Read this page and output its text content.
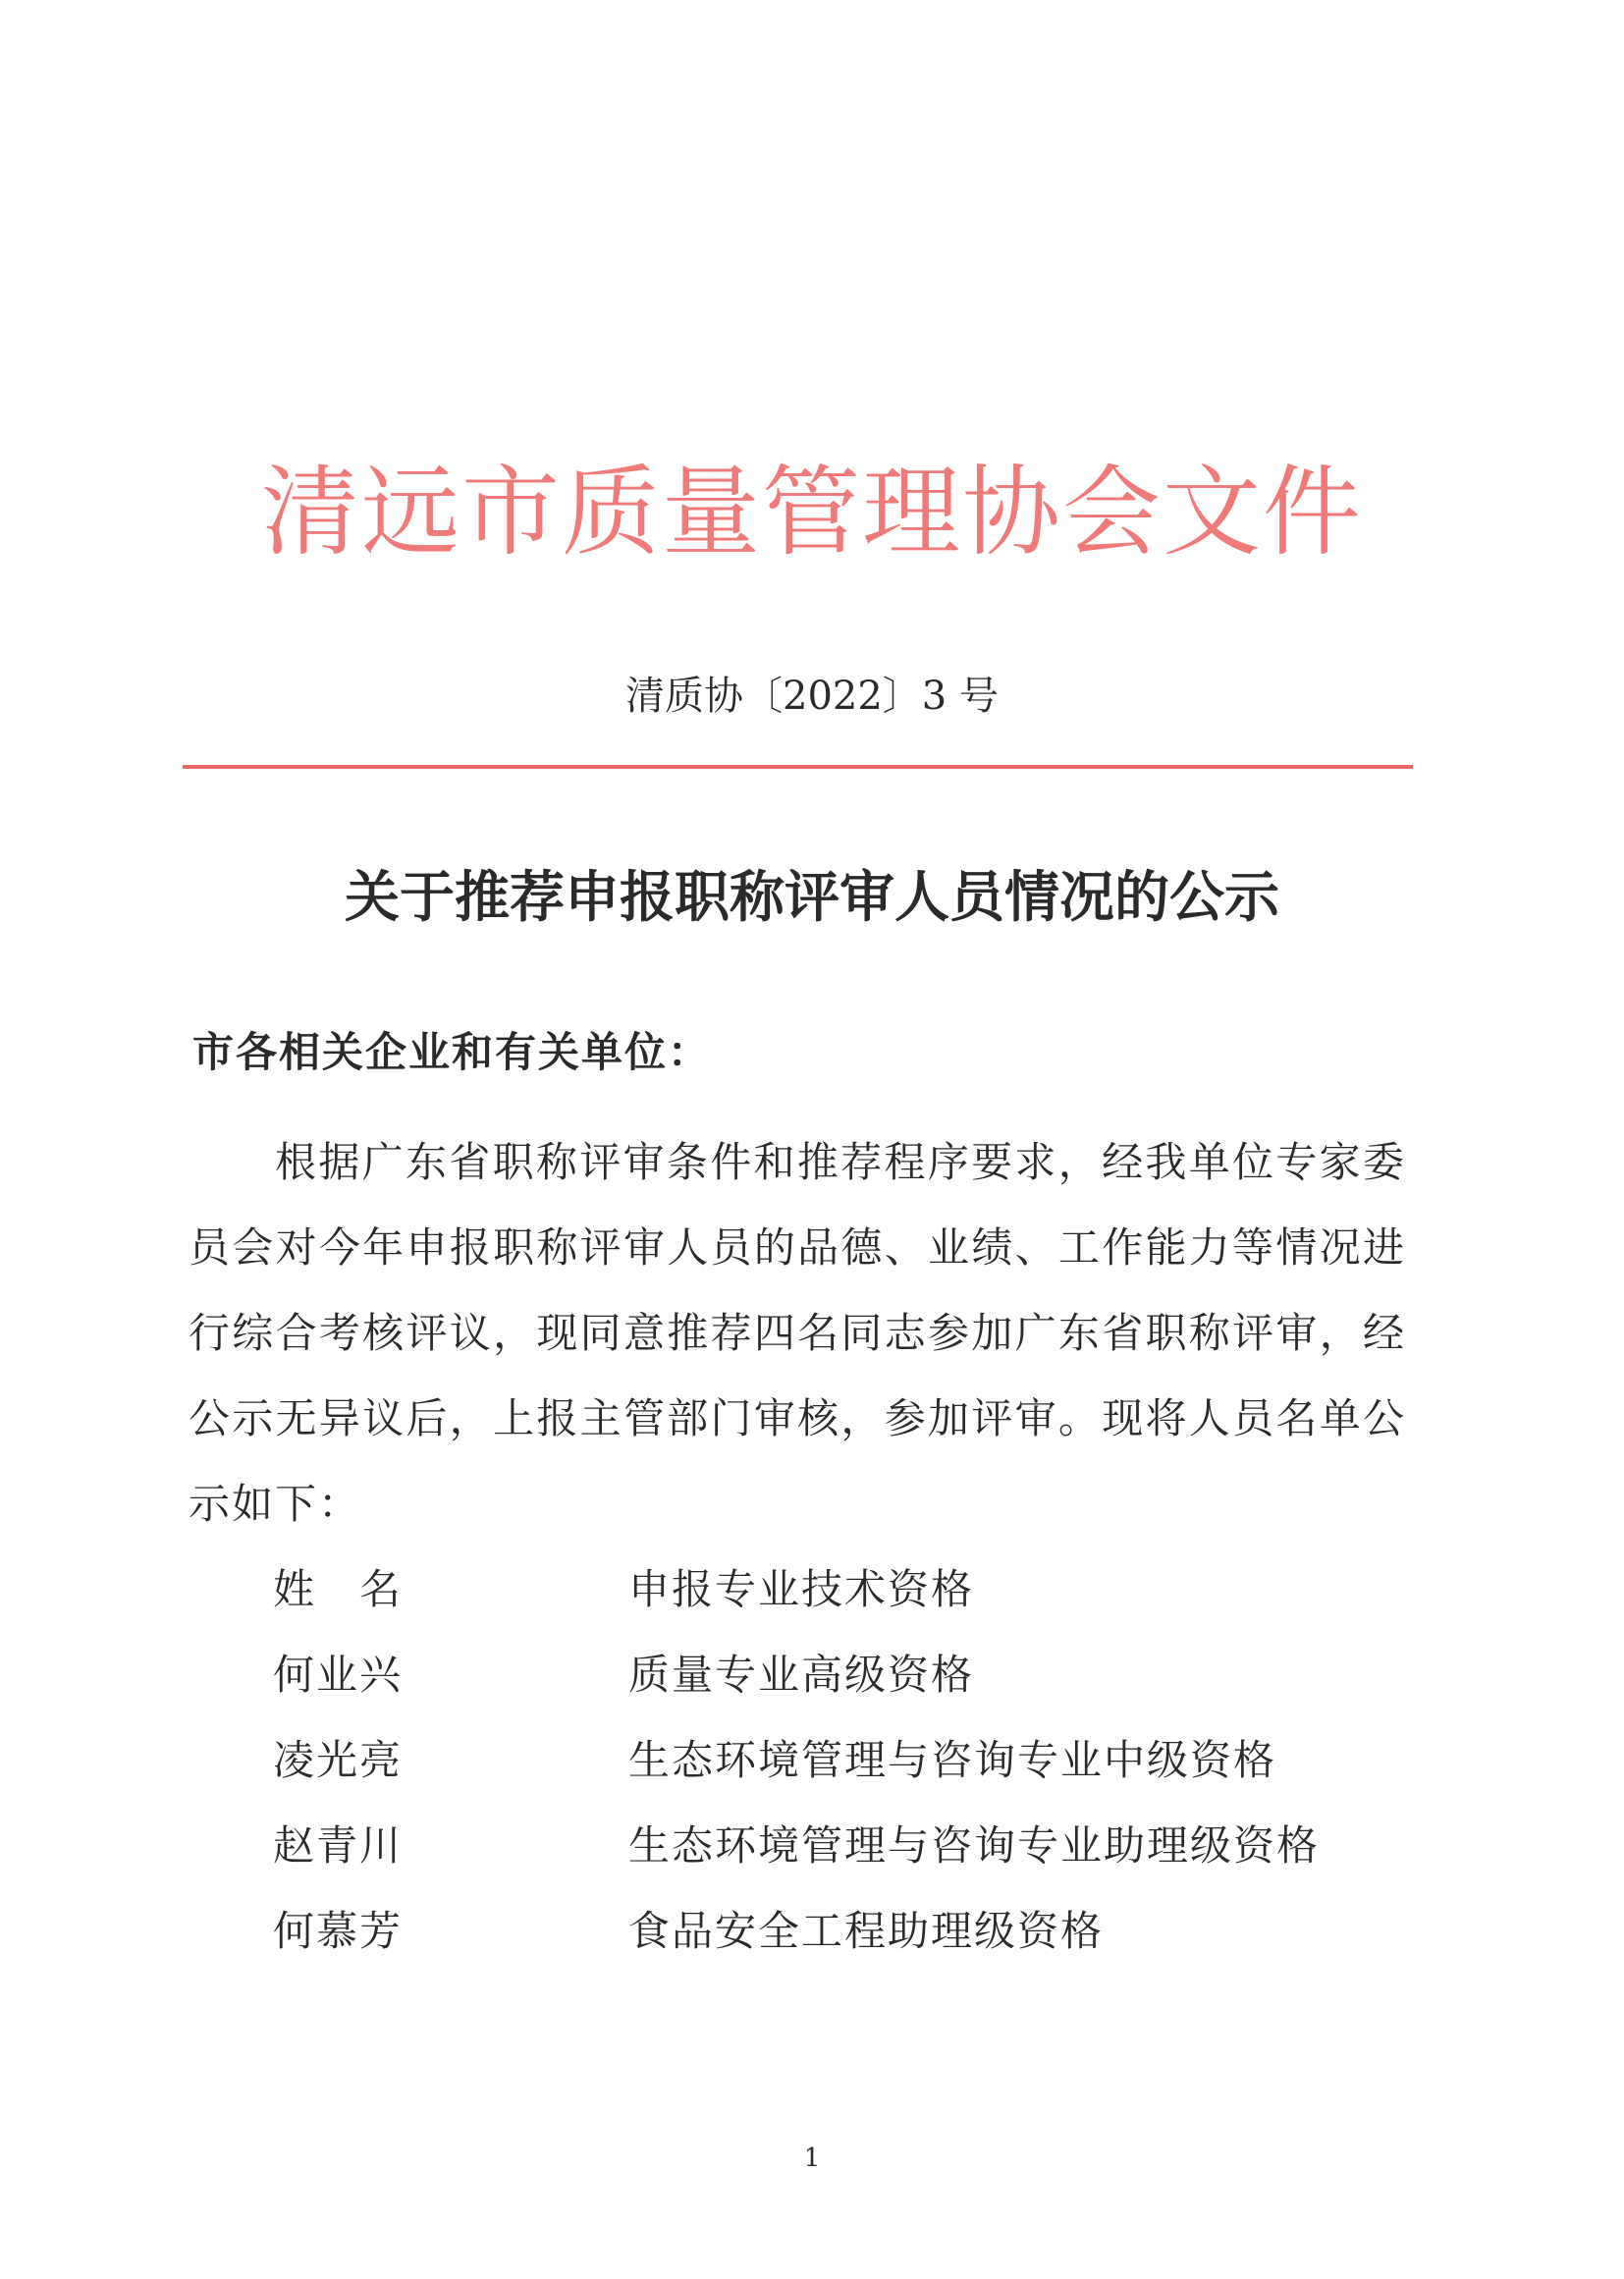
清远市质量管理协会文件
清质协〔2022〕3 号
关于推荐申报职称评审人员情况的公示
市各相关企业和有关单位：

根据广东省职称评审条件和推荐程序要求，经我单位专家委员会对今年申报职称评审人员的品德、业绩、工作能力等情况进行综合考核评议，现同意推荐四名同志参加广东省职称评审，经公示无异议后，上报主管部门审核，参加评审。现将人员名单公示如下：

姓名	申报专业技术资格
何业兴	质量专业高级资格
凌光亮	生态环境管理与咨询专业中级资格
赵青川	生态环境管理与咨询专业助理级资格
何慕芳	食品安全工程助理级资格
1
